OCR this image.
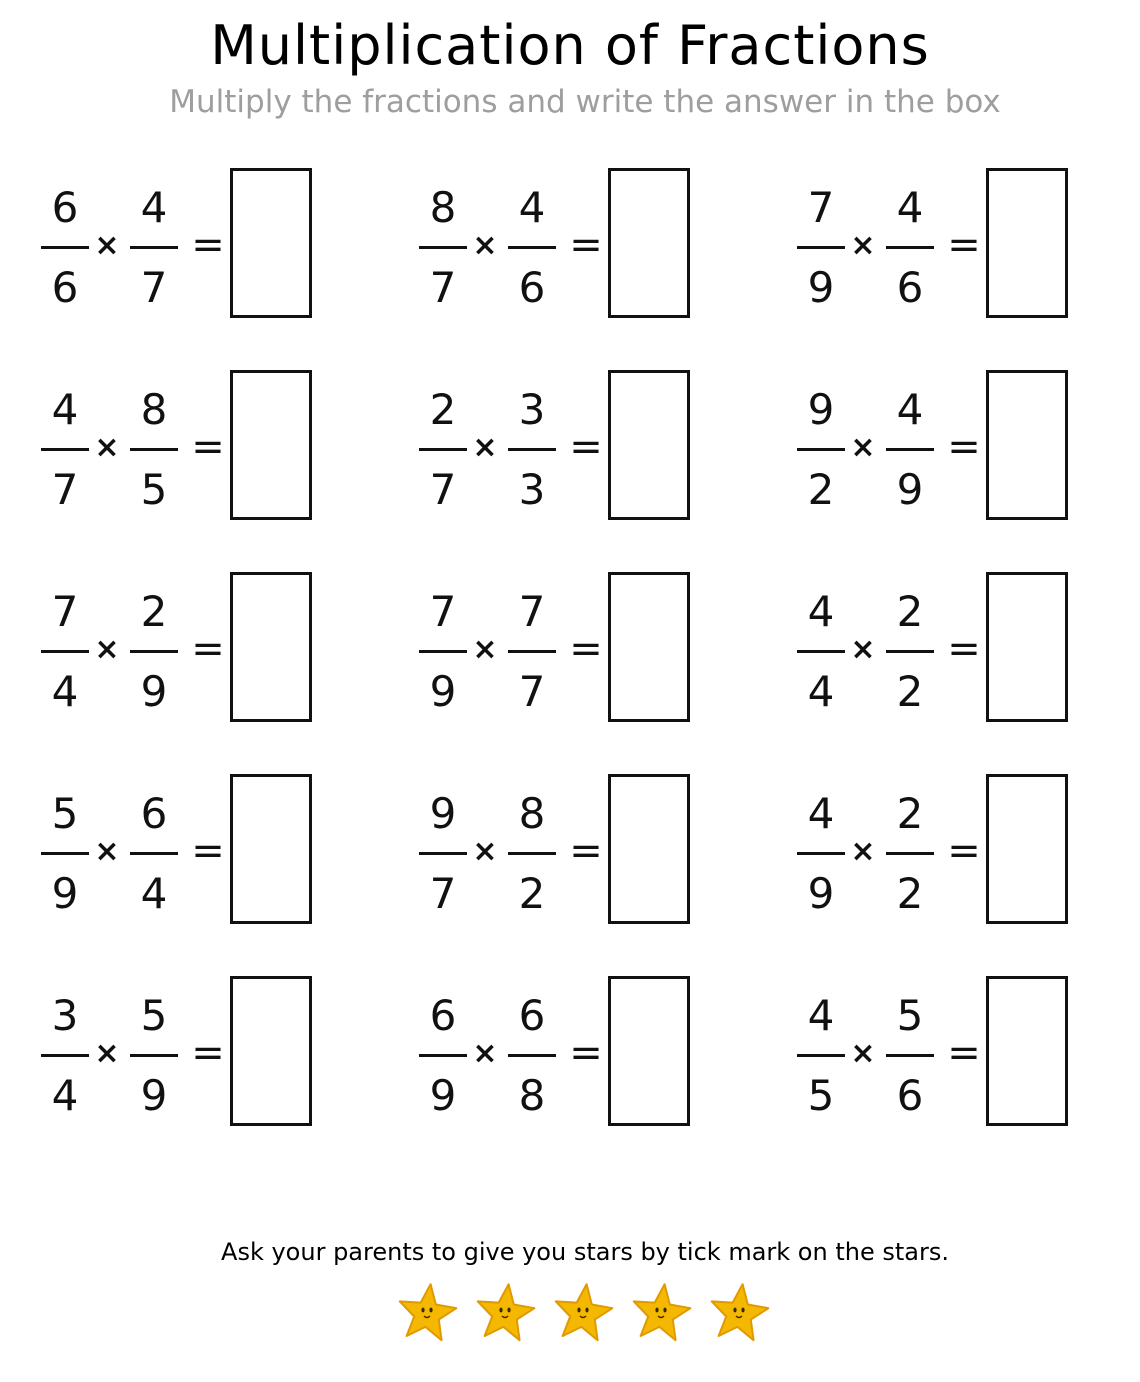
Multiplication of Fractions
Multiply the fractions and write the answer in the box
6
6
×
4
7
=
8
7
×
4
6
=
7
9
×
4
6
=
4
7
×
8
5
=
2
7
×
3
3
=
9
2
×
4
9
=
7
4
×
2
9
=
7
9
×
7
7
=
4
4
×
2
2
=
5
9
×
6
4
=
9
7
×
8
2
=
4
9
×
2
2
=
3
4
×
5
9
=
6
9
×
6
8
=
4
5
×
5
6
=
Ask your parents to give you stars by tick mark on the stars.
